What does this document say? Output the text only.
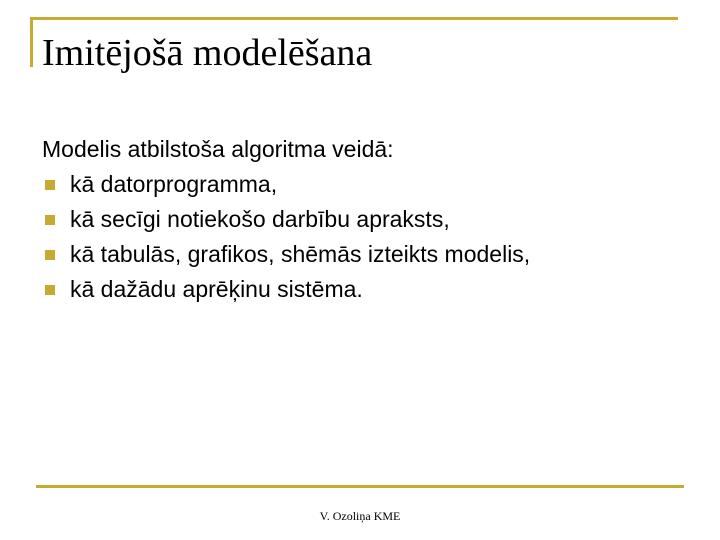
Imitējošā modelēšana
Modelis atbilstoša algoritma veidā:
kā datorprogramma,
kā secīgi notiekošo darbību apraksts,
kā tabulās, grafikos, shēmās izteikts modelis,
kā dažādu aprēķinu sistēma.
V. Ozoliņa KME
